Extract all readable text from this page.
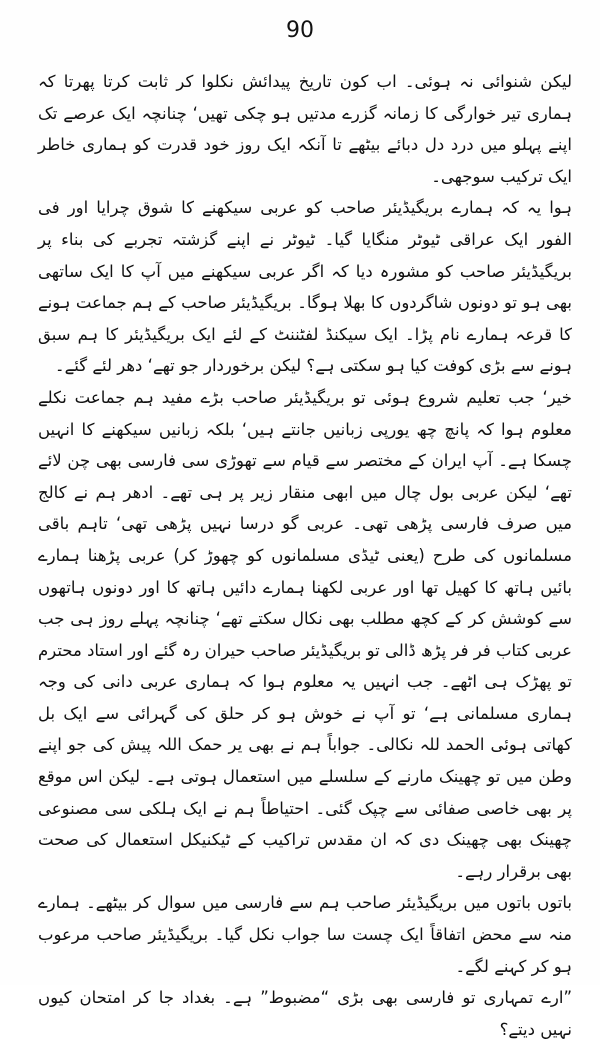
90

لیکن شنوائی نہ ہوئی۔ اب کون تاریخ پیدائش نکلوا کر ثابت کرتا پھرتا کہ ہماری تیر خوارگی کا زمانہ گزرے مدتیں ہو چکی تھیں‘ چنانچہ ایک عرصے تک اپنے پہلو میں درد دل دبائے بیٹھے تا آنکہ ایک روز خود قدرت کو ہماری خاطر ایک ترکیب سوجھی۔

ہوا یہ کہ ہمارے بریگیڈیئر صاحب کو عربی سیکھنے کا شوق چرایا اور فی الفور ایک عراقی ٹیوٹر منگایا گیا۔ ٹیوٹر نے اپنے گزشتہ تجربے کی بناء پر بریگیڈیئر صاحب کو مشورہ دیا کہ اگر عربی سیکھنے میں آپ کا ایک ساتھی بھی ہو تو دونوں شاگردوں کا بھلا ہوگا۔ بریگیڈیئر صاحب کے ہم جماعت ہونے کا قرعہ ہمارے نام پڑا۔ ایک سیکنڈ لفٹننٹ کے لئے ایک بریگیڈیئر کا ہم سبق ہونے سے بڑی کوفت کیا ہو سکتی ہے؟ لیکن برخوردار جو تھے‘ دھر لئے گئے۔

خیر‘ جب تعلیم شروع ہوئی تو بریگیڈیئر صاحب بڑے مفید ہم جماعت نکلے معلوم ہوا کہ پانچ چھ یورپی زبانیں جانتے ہیں‘ بلکہ زبانیں سیکھنے کا انہیں چسکا ہے۔ آپ ایران کے مختصر سے قیام سے تھوڑی سی فارسی بھی چن لائے تھے‘ لیکن عربی بول چال میں ابھی منقار زیر پر ہی تھے۔ ادھر ہم نے کالج میں صرف فارسی پڑھی تھی۔ عربی گو درسا نہیں پڑھی تھی‘ تاہم باقی مسلمانوں کی طرح (یعنی ٹیڈی مسلمانوں کو چھوڑ کر) عربی پڑھنا ہمارے بائیں ہاتھ کا کھیل تھا اور عربی لکھنا ہمارے دائیں ہاتھ کا اور دونوں ہاتھوں سے کوشش کر کے کچھ مطلب بھی نکال سکتے تھے‘ چنانچہ پہلے روز ہی جب عربی کتاب فر فر پڑھ ڈالی تو بریگیڈیئر صاحب حیران رہ گئے اور استاد محترم تو پھڑک ہی اٹھے۔ جب انہیں یہ معلوم ہوا کہ ہماری عربی دانی کی وجہ ہماری مسلمانی ہے‘ تو آپ نے خوش ہو کر حلق کی گہرائی سے ایک بل کھاتی ہوئی الحمد للہ نکالی۔ جواباً ہم نے بھی یر حمک اللہ پیش کی جو اپنے وطن میں تو چھینک مارنے کے سلسلے میں استعمال ہوتی ہے۔ لیکن اس موقع پر بھی خاصی صفائی سے چپک گئی۔ احتیاطاً ہم نے ایک ہلکی سی مصنوعی چھینک بھی چھینک دی کہ ان مقدس تراکیب کے ٹیکنیکل استعمال کی صحت بھی برقرار رہے۔

باتوں باتوں میں بریگیڈیئر صاحب ہم سے فارسی میں سوال کر بیٹھے۔ ہمارے منہ سے محض اتفاقاً ایک چست سا جواب نکل گیا۔ بریگیڈیئر صاحب مرعوب ہو کر کہنے لگے۔

”ارے تمہاری تو فارسی بھی بڑی “مضبوط” ہے۔ بغداد جا کر امتحان کیوں نہیں دیتے؟
